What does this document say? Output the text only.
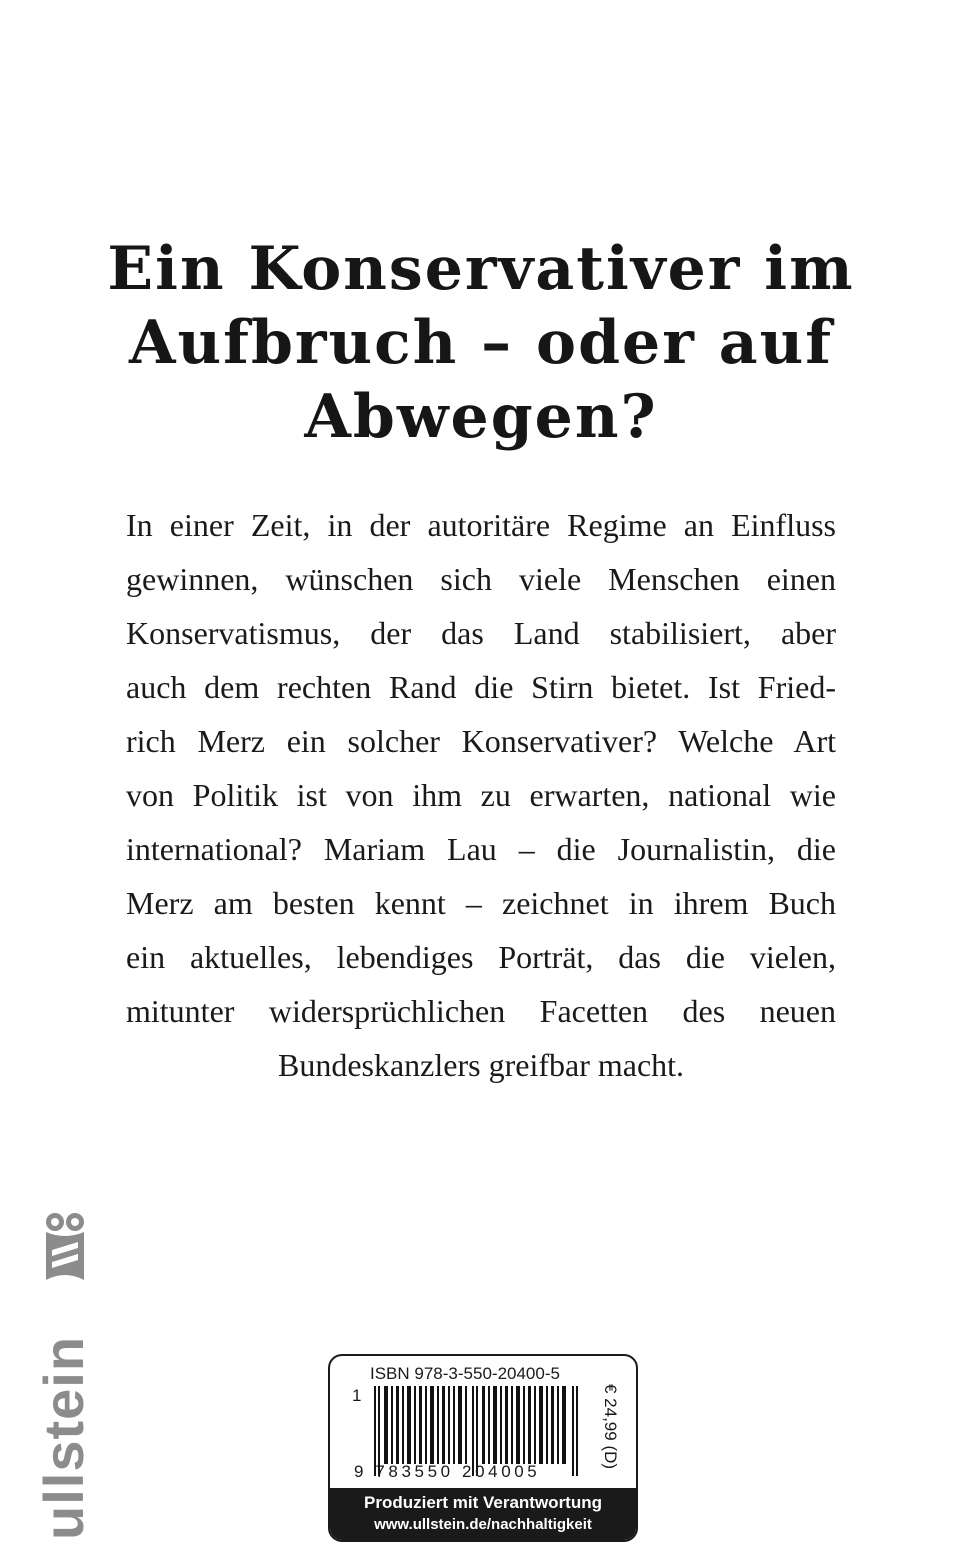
Ein Konservativer im
Aufbruch – oder auf
Abwegen?
In einer Zeit, in der autoritäre Regime an Einfluss
gewinnen, wünschen sich viele Menschen einen
Konservatismus, der das Land stabilisiert, aber
auch dem rechten Rand die Stirn bietet. Ist Fried-
rich Merz ein solcher Konservativer? Welche Art
von Politik ist von ihm zu erwarten, national wie
international? Mariam Lau – die Journalistin, die
Merz am besten kennt – zeichnet in ihrem Buch
ein aktuelles, lebendiges Porträt, das die vielen,
mitunter widersprüchlichen Facetten des neuen
Bundeskanzlers greifbar macht.
ullstein	ISBN 978-3-550-20400-5
1
9 783550 204005
€ 24,99 (D)
Produziert mit Verantwortung
www.ullstein.de/nachhaltigkeit
